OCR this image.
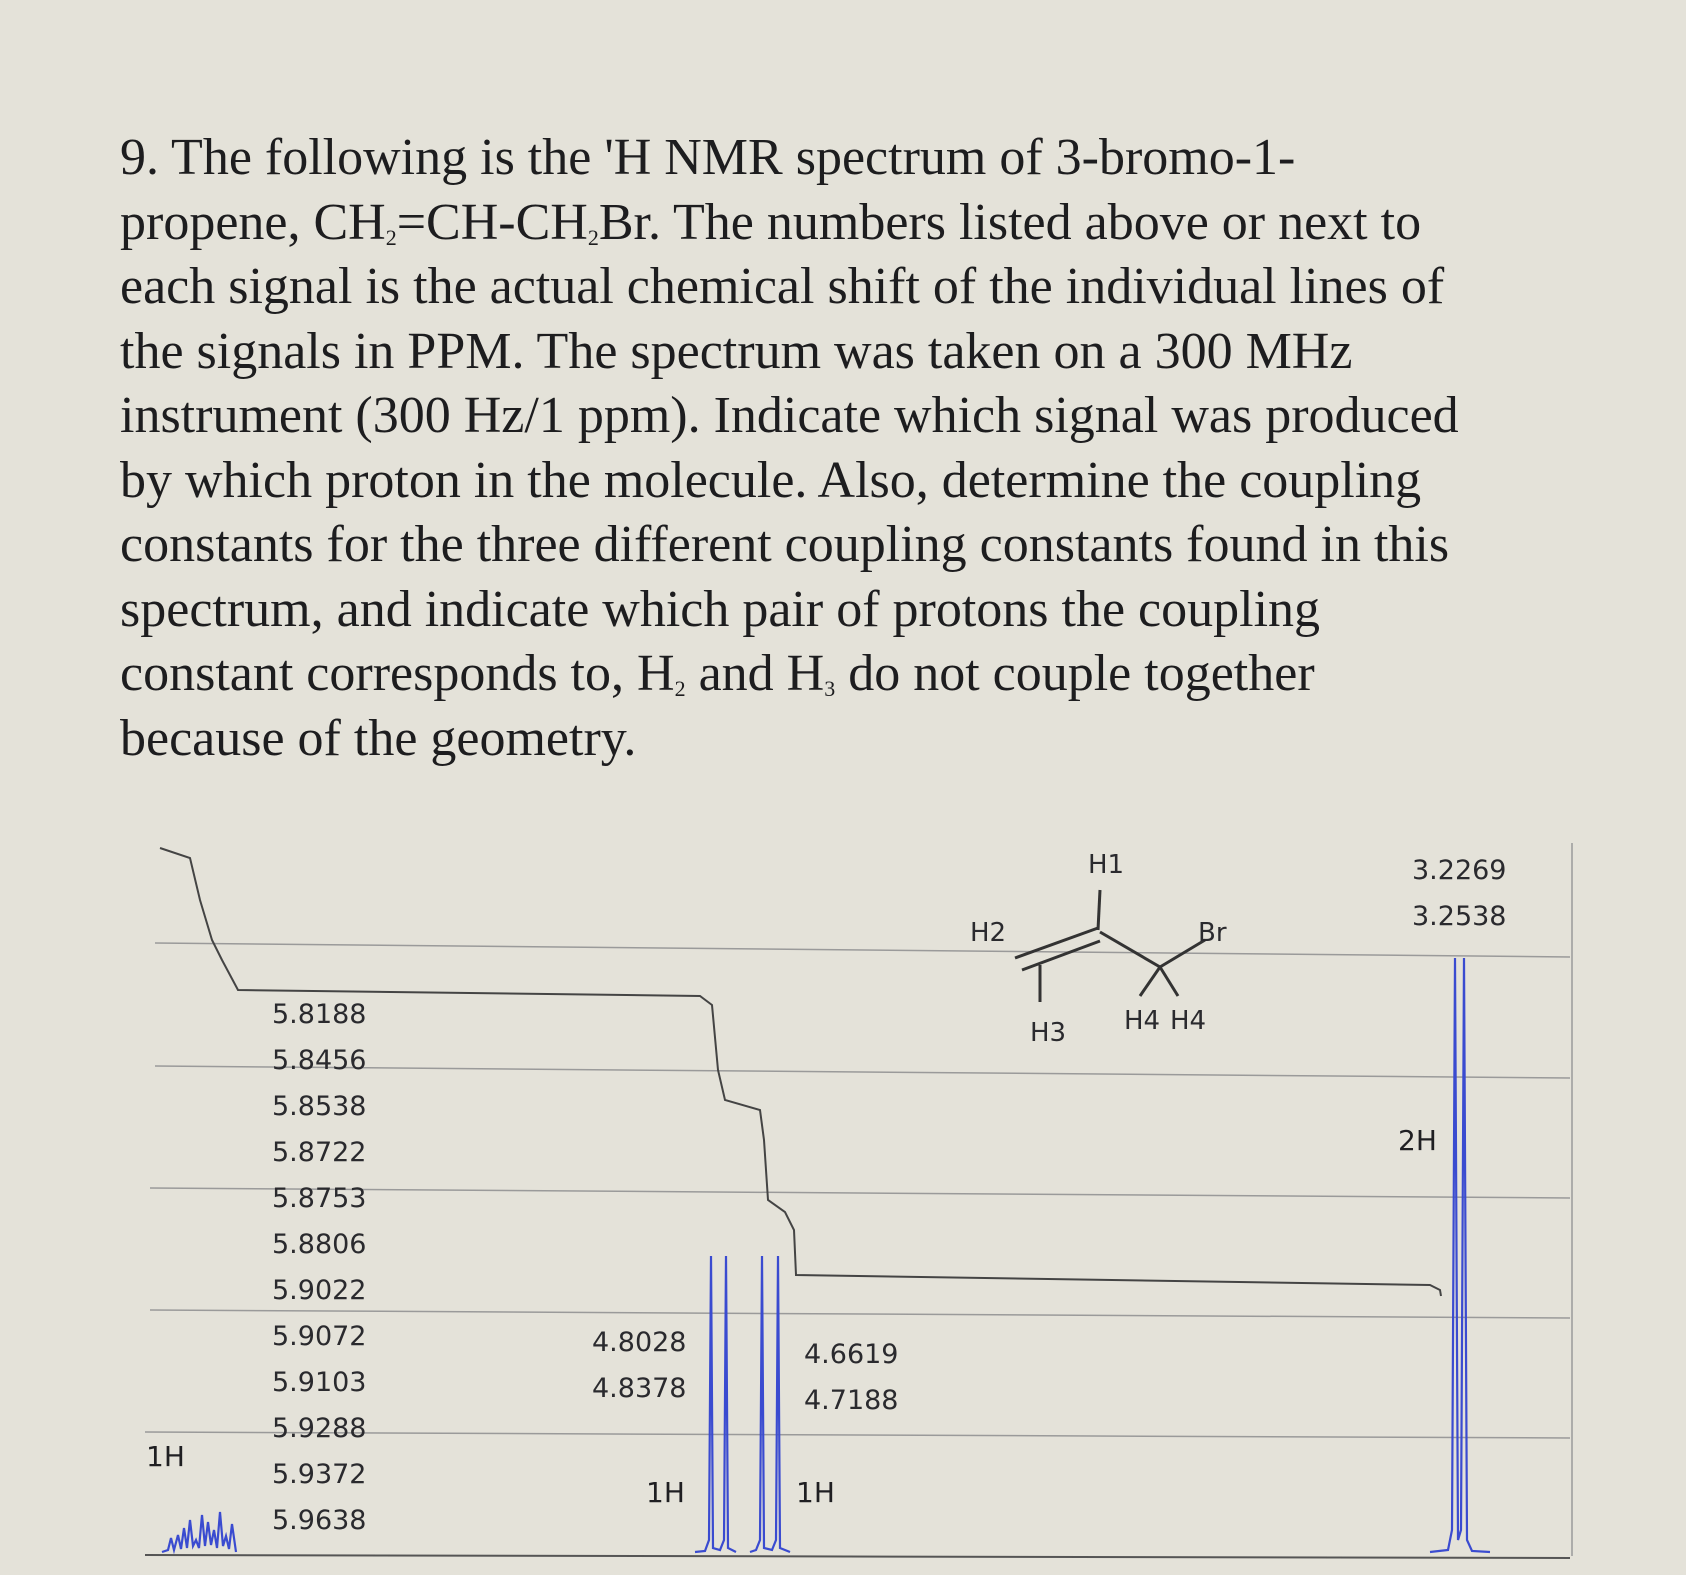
9. The following is the 'H NMR spectrum of 3-bromo-1-
propene, $CH_2=CH-CH_2Br$. The numbers listed above or next to
each signal is the actual chemical shift of the individual lines of
the signals in PPM. The spectrum was taken on a 300 MHz
instrument (300 Hz/1 ppm). Indicate which signal was produced
by which proton in the molecule. Also, determine the coupling
constants for the three different coupling constants found in this
spectrum, and indicate which pair of protons the coupling
constant corresponds to, $H_2$ and $H_3$ do not couple together
because of the geometry.
H1
H2
H3 H4 H4
Br
5.8188
5.8456
5.8538
5.8722
5.8753
5.8806
5.9022
5.9072
5.9103
5.9288
5.9372
5.9638
4.8028
4.8378
4.6619
4.7188
3.2269
3.2538
1H
1H	1H
2H
